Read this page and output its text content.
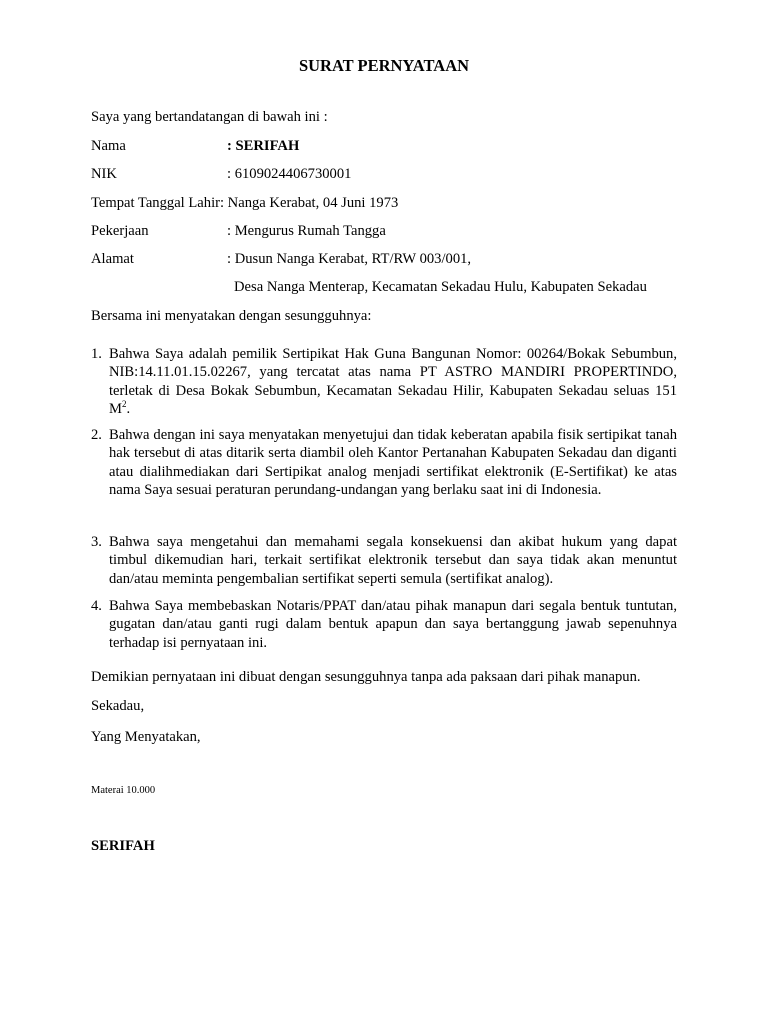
SURAT PERNYATAAN
Saya yang bertandatangan di bawah ini :
Nama	: SERIFAH
NIK	: 6109024406730001
Tempat Tanggal Lahir: Nanga Kerabat, 04 Juni 1973
Pekerjaan	: Mengurus Rumah Tangga
Alamat	: Dusun Nanga Kerabat, RT/RW 003/001,
Desa Nanga Menterap, Kecamatan Sekadau Hulu, Kabupaten Sekadau
Bersama ini menyatakan dengan sesungguhnya:
1. Bahwa Saya adalah pemilik Sertipikat Hak Guna Bangunan Nomor: 00264/Bokak Sebumbun, NIB:14.11.01.15.02267, yang tercatat atas nama PT ASTRO MANDIRI PROPERTINDO, terletak di Desa Bokak Sebumbun, Kecamatan Sekadau Hilir, Kabupaten Sekadau seluas 151 $M^2$.
2. Bahwa dengan ini saya menyatakan menyetujui dan tidak keberatan apabila fisik sertipikat tanah hak tersebut di atas ditarik serta diambil oleh Kantor Pertanahan Kabupaten Sekadau dan diganti atau dialihmediakan dari Sertipikat analog menjadi sertifikat elektronik (E-Sertifikat) ke atas nama Saya sesuai peraturan perundang-undangan yang berlaku saat ini di Indonesia.
3. Bahwa saya mengetahui dan memahami segala konsekuensi dan akibat hukum yang dapat timbul dikemudian hari, terkait sertifikat elektronik tersebut dan saya tidak akan menuntut dan/atau meminta pengembalian sertifikat seperti semula (sertifikat analog).
4. Bahwa Saya membebaskan Notaris/PPAT dan/atau pihak manapun dari segala bentuk tuntutan, gugatan dan/atau ganti rugi dalam bentuk apapun dan saya bertanggung jawab sepenuhnya terhadap isi pernyataan ini.
Demikian pernyataan ini dibuat dengan sesungguhnya tanpa ada paksaan dari pihak manapun.
Sekadau,
Yang Menyatakan,
Materai 10.000
SERIFAH
